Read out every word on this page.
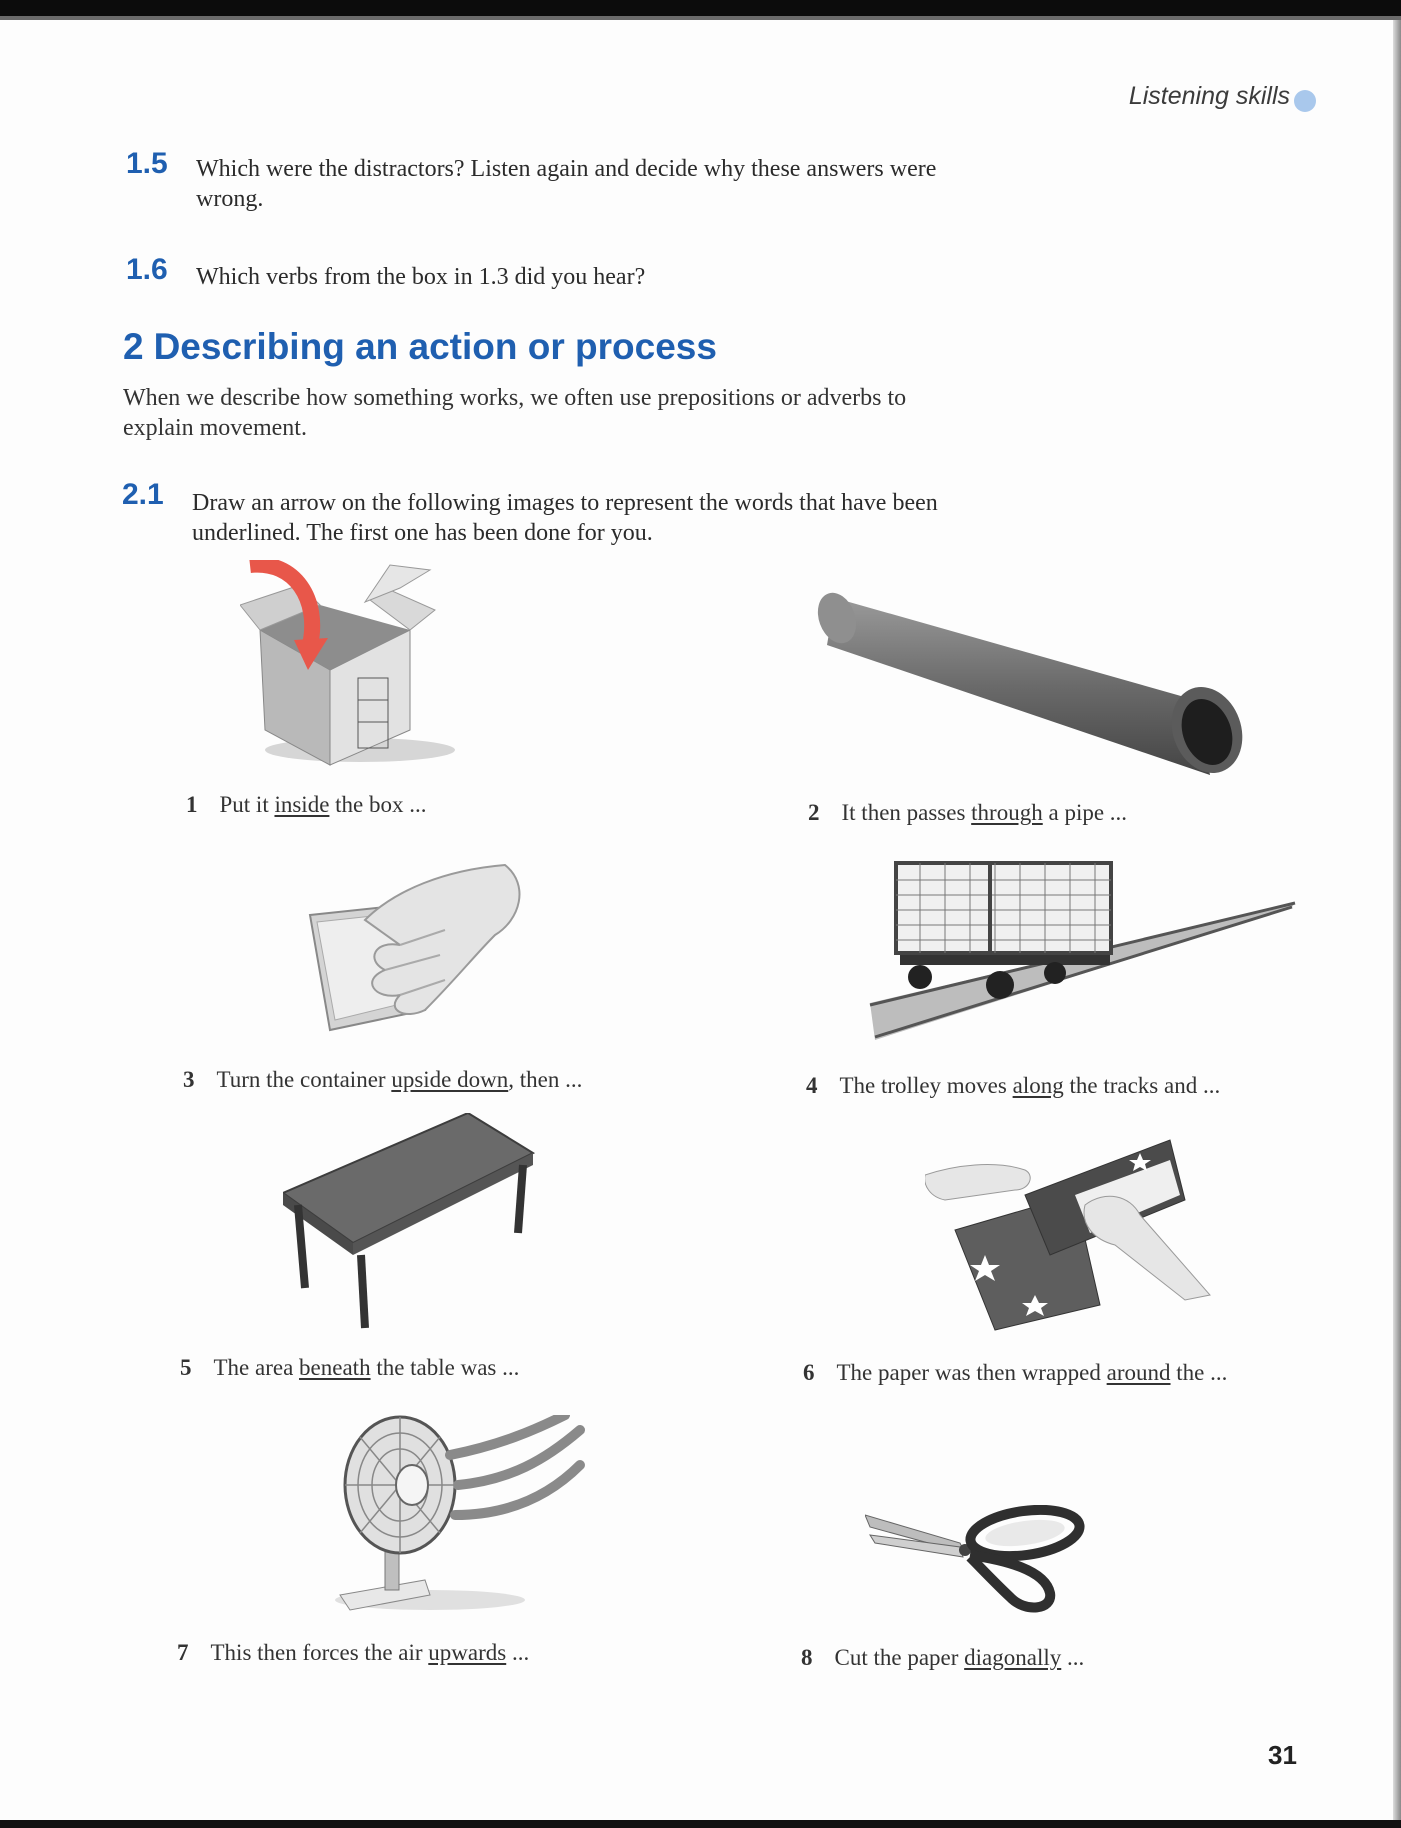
Listening skills
1.5 Which were the distractors? Listen again and decide why these answers were wrong.
1.6 Which verbs from the box in 1.3 did you hear?
2 Describing an action or process
When we describe how something works, we often use prepositions or adverbs to explain movement.
2.1 Draw an arrow on the following images to represent the words that have been underlined. The first one has been done for you.
1 Put it inside the box ...	2 It then passes through a pipe ...
3 Turn the container upside down, then ...	4 The trolley moves along the tracks and ...
5 The area beneath the table was ...	6 The paper was then wrapped around the ...
7 This then forces the air upwards ...	8 Cut the paper diagonally ...
31
